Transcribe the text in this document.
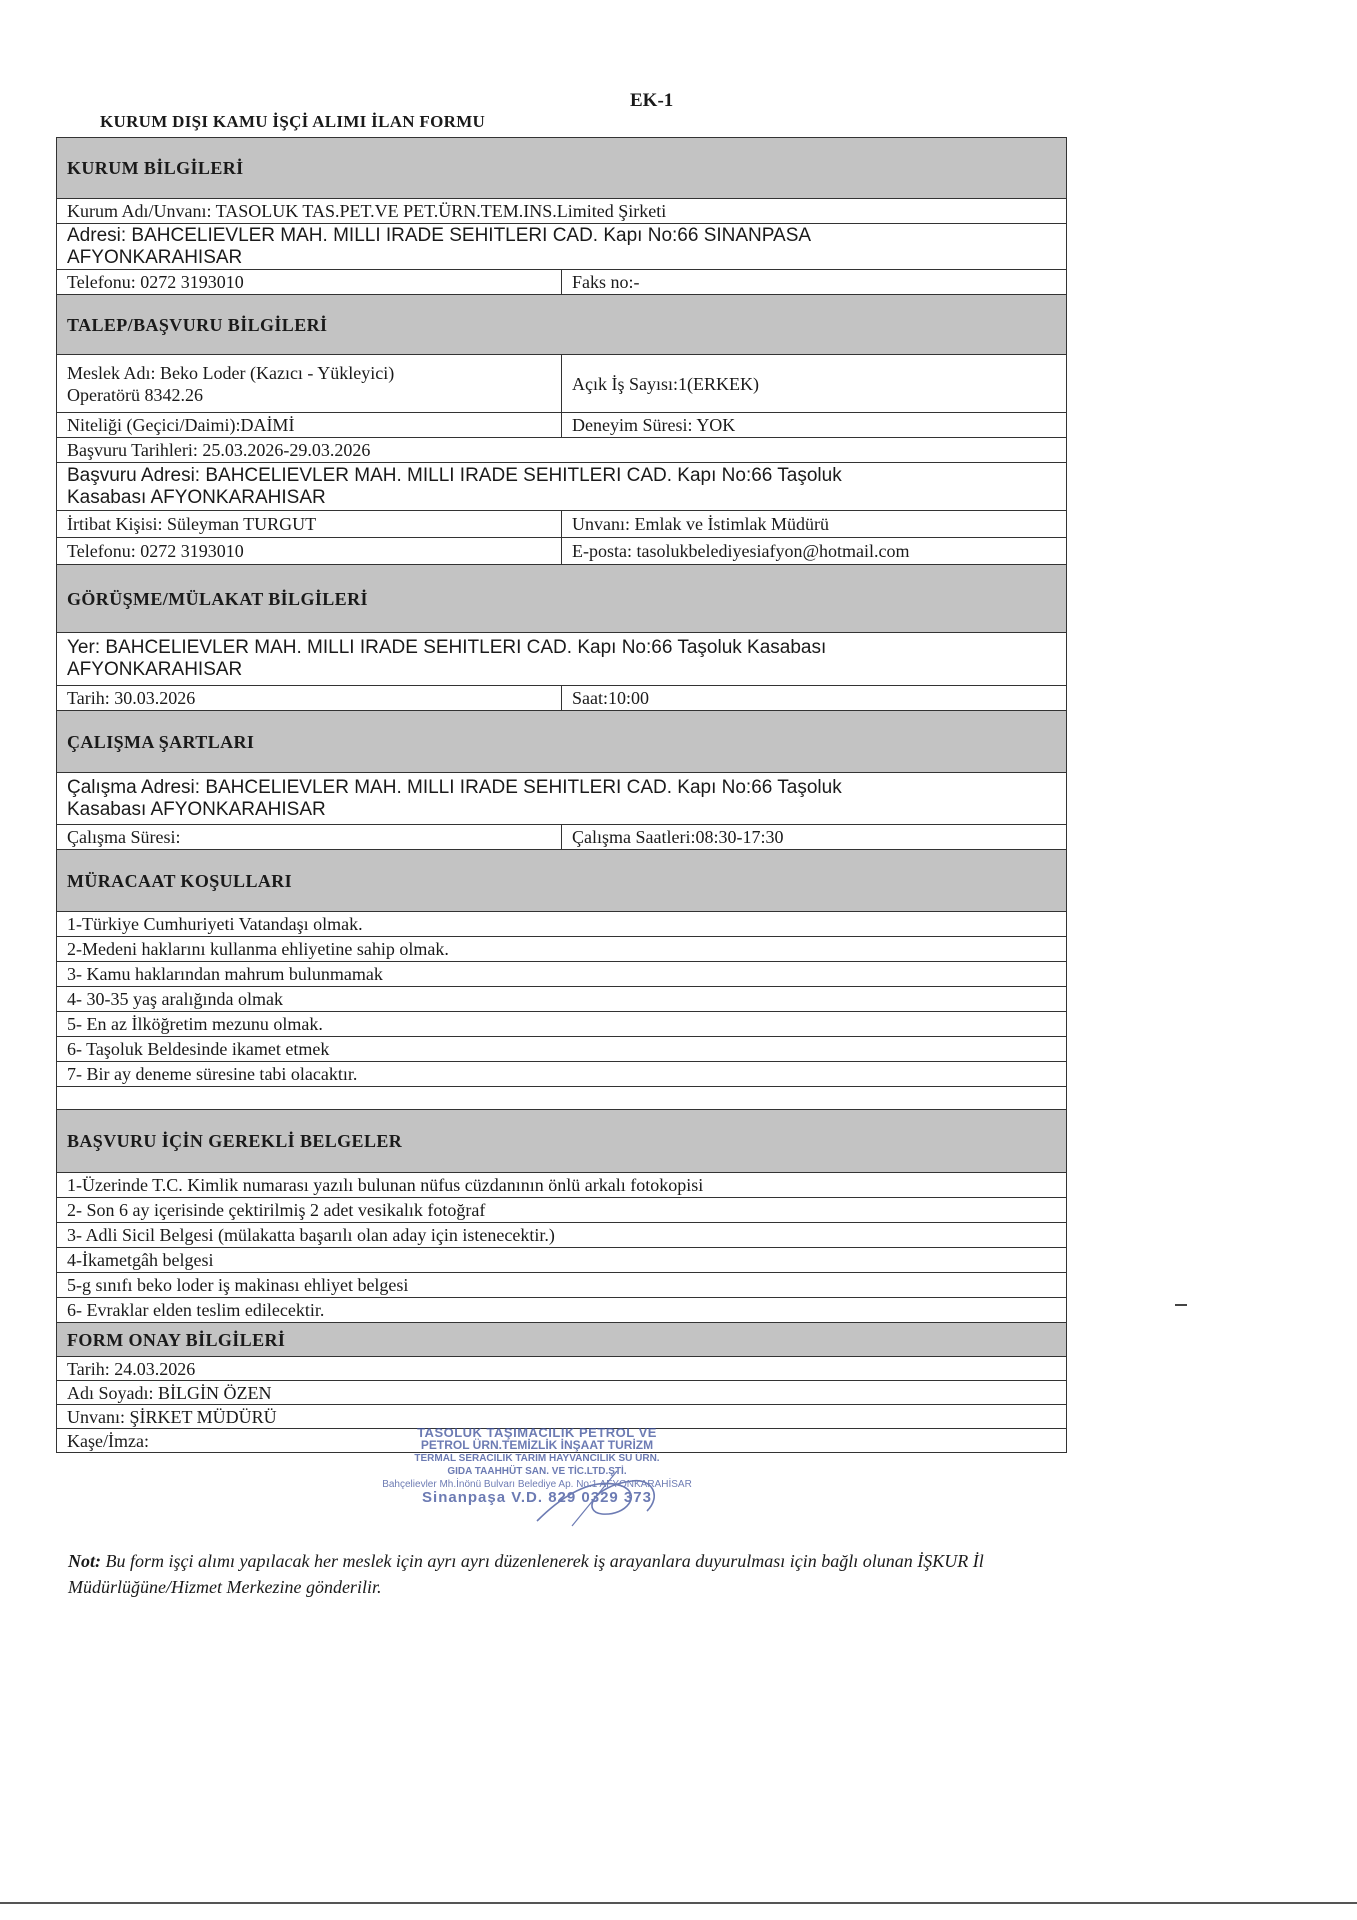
EK-1
KURUM DIŞI KAMU İŞÇİ ALIMI İLAN FORMU
KURUM BİLGİLERİ	
Kurum Adı/Unvanı: TASOLUK TAS.PET.VE PET.ÜRN.TEM.INS.Limited Şirketi	

Adresi: BAHCELIEVLER MAH. MILLI IRADE SEHITLERI CAD. Kapı No:66 SINANPASA
AFYONKARAHISAR	

Telefonu: 0272 3193010	Faks no:-
TALEP/BAŞVURU BİLGİLERİ	

Meslek Adı: Beko Loder (Kazıcı - Yükleyici)
Operatörü 8342.26	Açık İş Sayısı:1(ERKEK)
Niteliği (Geçici/Daimi):DAİMİ	Deneyim Süresi: YOK
Başvuru Tarihleri: 25.03.2026-29.03.2026	

Başvuru Adresi: BAHCELIEVLER MAH. MILLI IRADE SEHITLERI CAD. Kapı No:66 Taşoluk
Kasabası AFYONKARAHISAR	

İrtibat Kişisi: Süleyman TURGUT	Unvanı: Emlak ve İstimlak Müdürü
Telefonu: 0272 3193010	E-posta: tasolukbelediyesiafyon@hotmail.com
GÖRÜŞME/MÜLAKAT BİLGİLERİ	

Yer: BAHCELIEVLER MAH. MILLI IRADE SEHITLERI CAD. Kapı No:66 Taşoluk Kasabası
AFYONKARAHISAR	

Tarih: 30.03.2026	Saat:10:00
ÇALIŞMA ŞARTLARI	

Çalışma Adresi: BAHCELIEVLER MAH. MILLI IRADE SEHITLERI CAD. Kapı No:66 Taşoluk
Kasabası AFYONKARAHISAR	

Çalışma Süresi:	Çalışma Saatleri:08:30-17:30
MÜRACAAT KOŞULLARI	
1-Türkiye Cumhuriyeti Vatandaşı olmak.	
2-Medeni haklarını kullanma ehliyetine sahip olmak.	
3- Kamu haklarından mahrum bulunmamak	
4- 30-35 yaş aralığında olmak	
5- En az İlköğretim mezunu olmak.	
6- Taşoluk Beldesinde ikamet etmek	
7- Bir ay deneme süresine tabi olacaktır.	

BAŞVURU İÇİN GEREKLİ BELGELER	
1-Üzerinde T.C. Kimlik numarası yazılı bulunan nüfus cüzdanının önlü arkalı fotokopisi	
2- Son 6 ay içerisinde çektirilmiş 2 adet vesikalık fotoğraf	
3- Adli Sicil Belgesi (mülakatta başarılı olan aday için istenecektir.)	
4-İkametgâh belgesi	
5-g sınıfı beko loder iş makinası ehliyet belgesi	
6- Evraklar elden teslim edilecektir.	
FORM ONAY BİLGİLERİ	
Tarih: 24.03.2026	
Adı Soyadı: BİLGİN ÖZEN	
Unvanı: ŞİRKET MÜDÜRÜ	
Kaşe/İmza:		TASOLUK TAŞIMACILIK PETROL VE
PETROL ÜRN.TEMİZLİK İNŞAAT TURİZM
TERMAL SERACILIK TARIM HAYVANCILIK SU ÜRN.
GIDA TAAHHÜT SAN. VE TİC.LTD.ŞTİ.
Bahçelievler Mh.İnönü Bulvarı Belediye Ap. No:1 AFYONKARAHİSAR
Sinanpaşa V.D. 829 0329 373
Not: Bu form işçi alımı yapılacak her meslek için ayrı ayrı düzenlenerek iş arayanlara duyurulması için bağlı olunan İŞKUR İl Müdürlüğüne/Hizmet Merkezine gönderilir.
